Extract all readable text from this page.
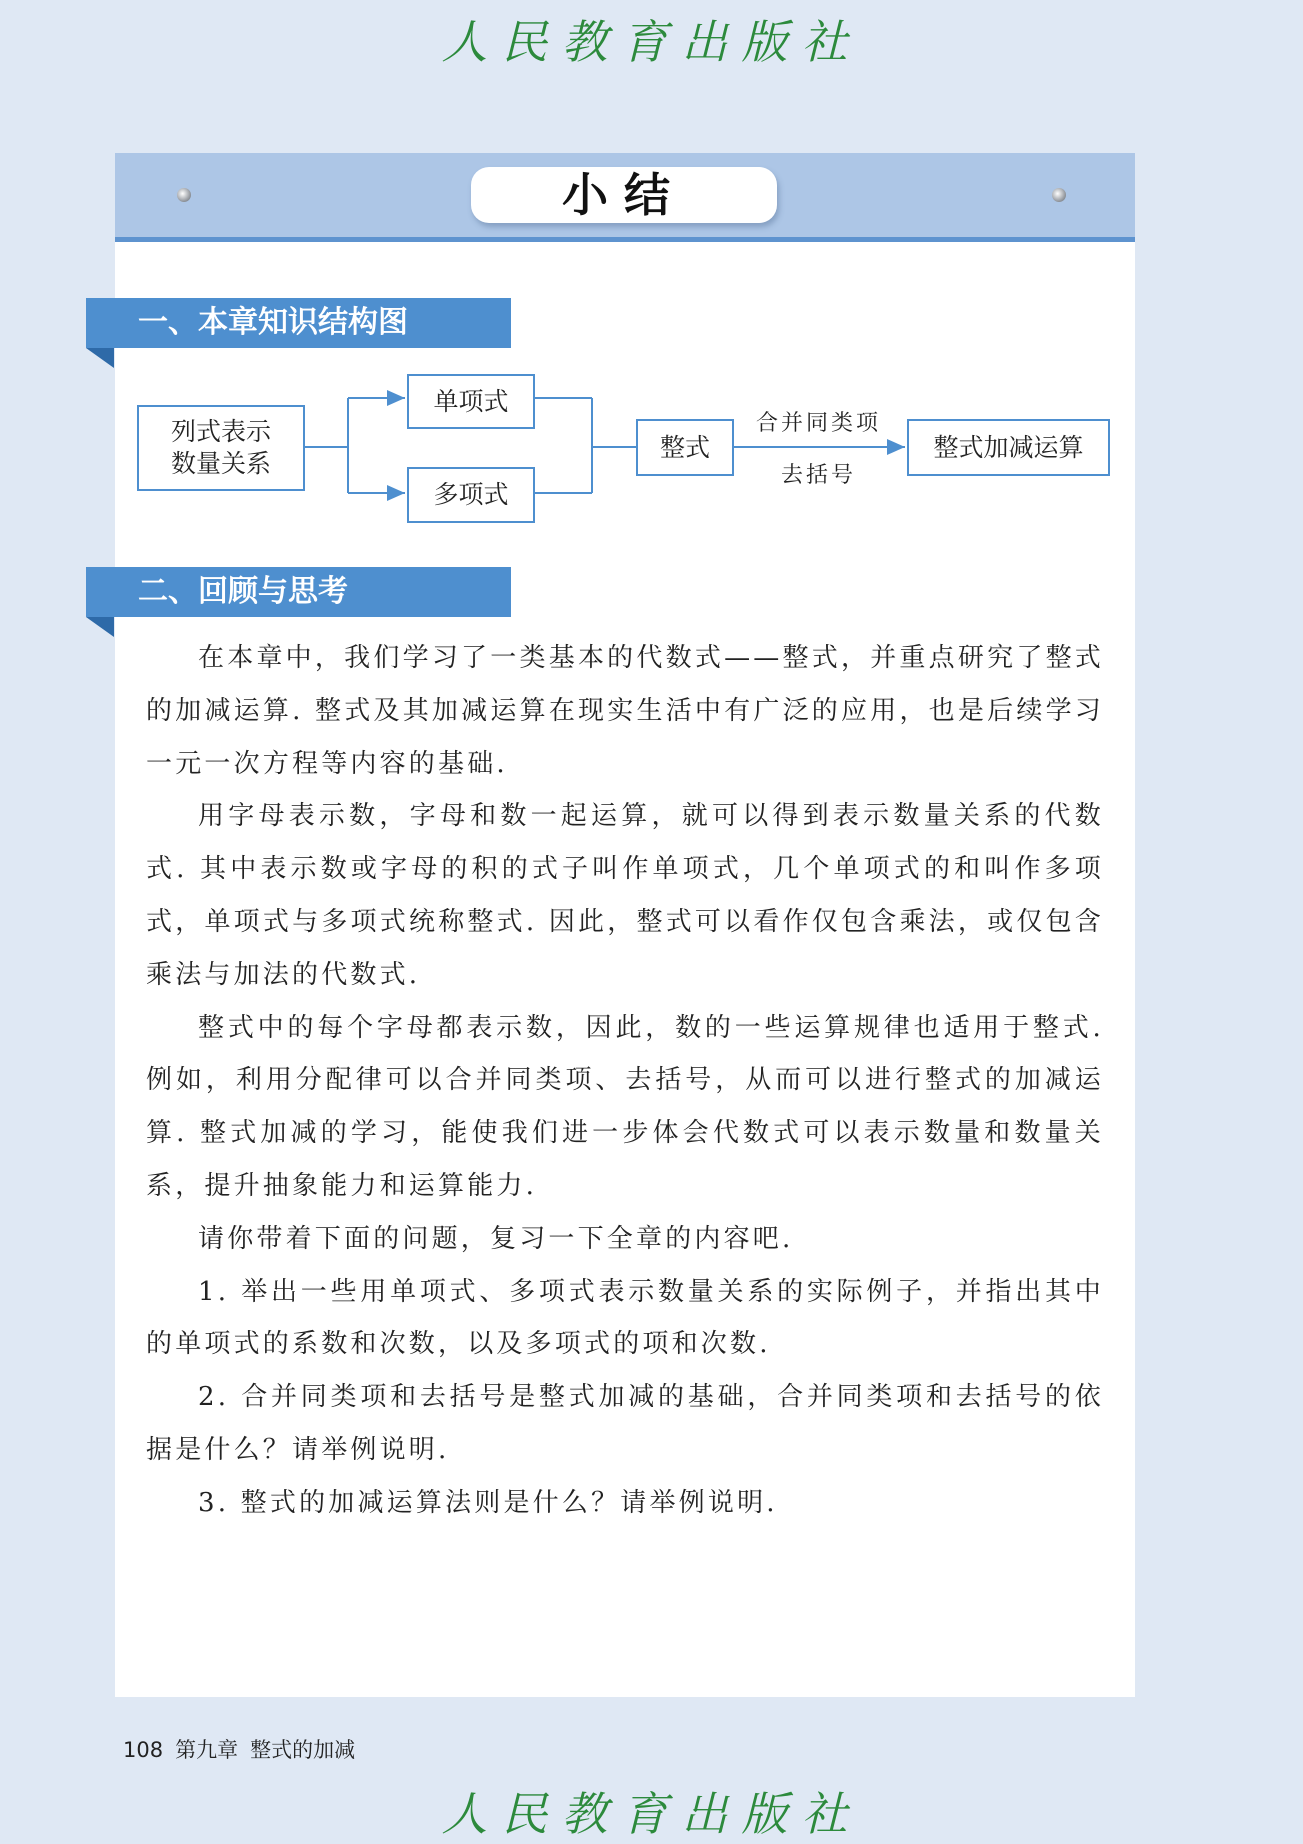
人民教育出版社
小结
一、本章知识结构图
列式表示
数量关系
单项式
多项式
整式
合并同类项
去括号
整式加减运算
二、回顾与思考

在本章中，我们学习了一类基本的代数式——整式，并重点研究了整式的加减运算. 整式及其加减运算在现实生活中有广泛的应用，也是后续学习一元一次方程等内容的基础.

用字母表示数，字母和数一起运算，就可以得到表示数量关系的代数式. 其中表示数或字母的积的式子叫作单项式，几个单项式的和叫作多项式，单项式与多项式统称整式. 因此，整式可以看作仅包含乘法，或仅包含乘法与加法的代数式.

整式中的每个字母都表示数，因此，数的一些运算规律也适用于整式. 例如，利用分配律可以合并同类项、去括号，从而可以进行整式的加减运算. 整式加减的学习，能使我们进一步体会代数式可以表示数量和数量关系，提升抽象能力和运算能力.

请你带着下面的问题，复习一下全章的内容吧.

1. 举出一些用单项式、多项式表示数量关系的实际例子，并指出其中的单项式的系数和次数，以及多项式的项和次数.

2. 合并同类项和去括号是整式加减的基础，合并同类项和去括号的依据是什么？请举例说明.

3. 整式的加减运算法则是什么？请举例说明.

108 第九章 整式的加减
人民教育出版社
